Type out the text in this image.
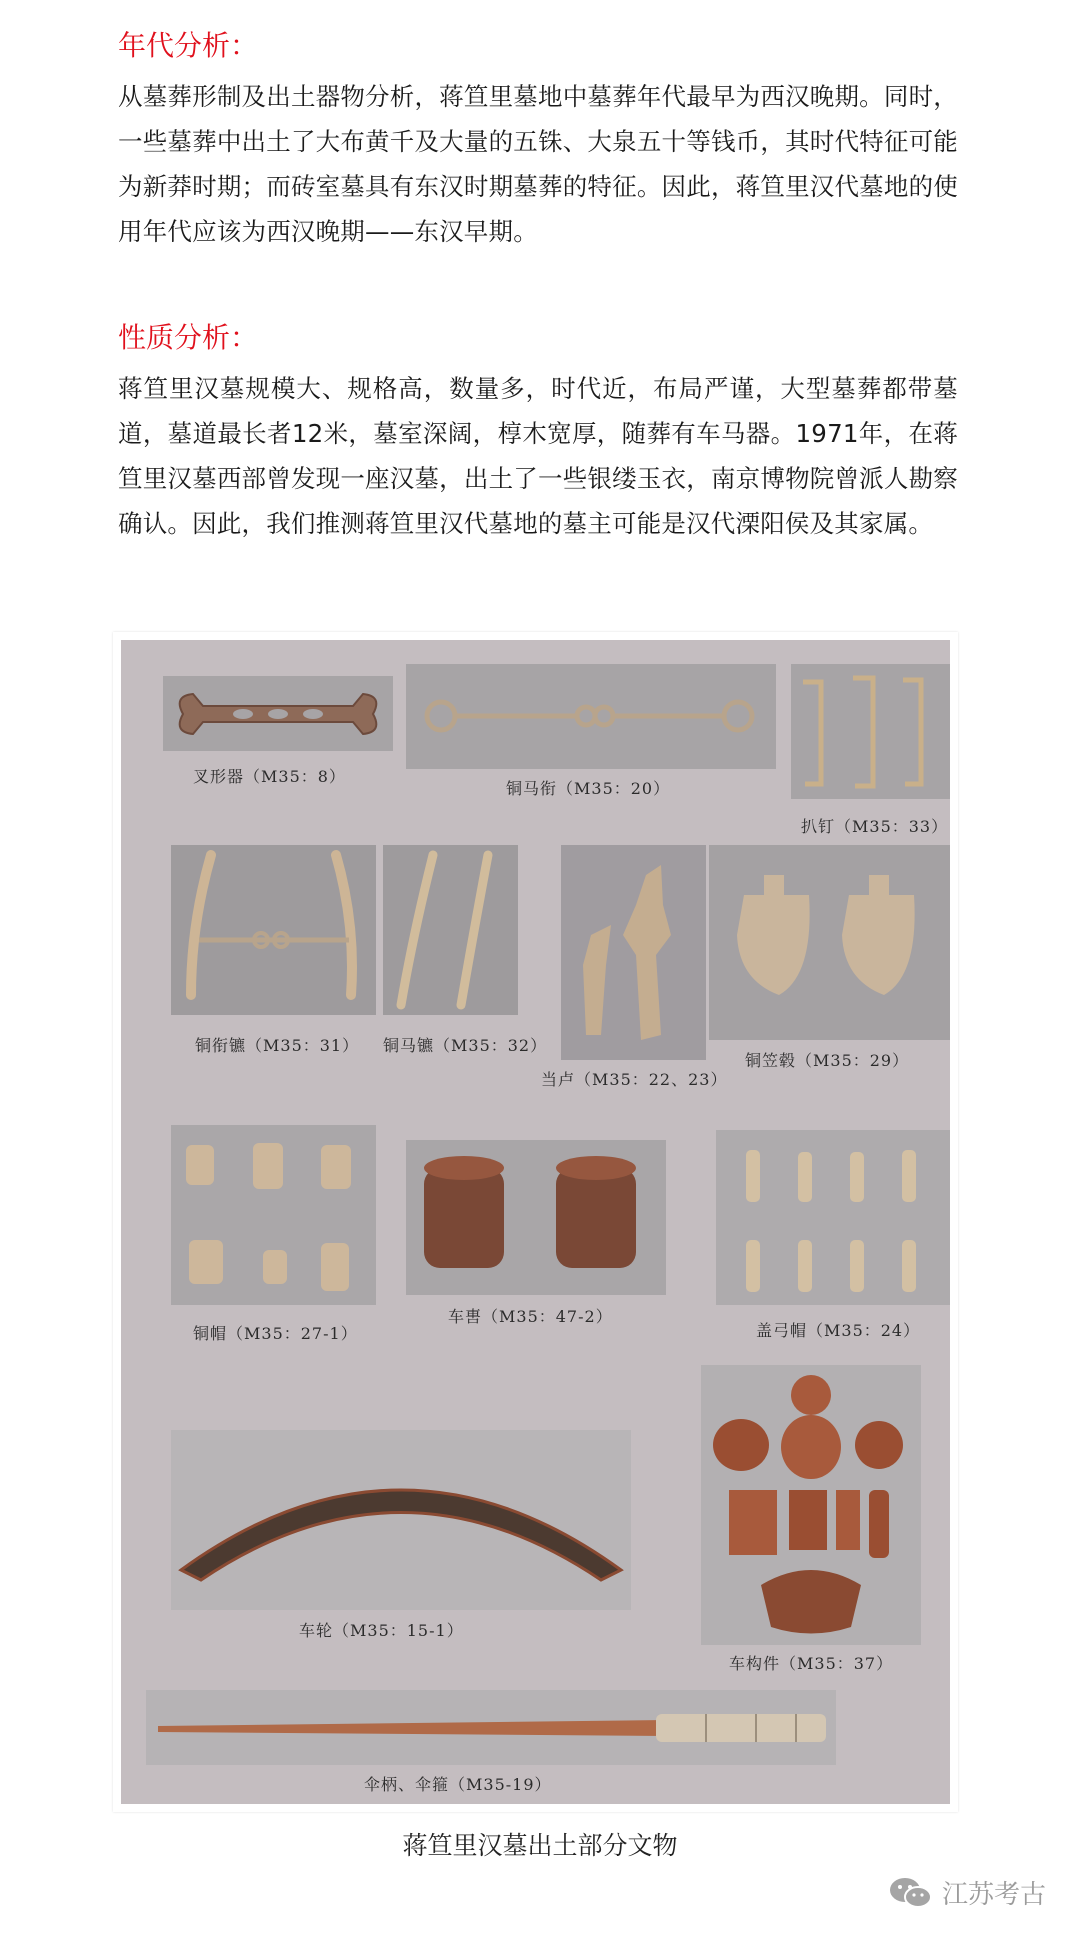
年代分析：

从墓葬形制及出土器物分析，蒋笪里墓地中墓葬年代最早为西汉晚期。同时，一些墓葬中出土了大布黄千及大量的五铢、大泉五十等钱币，其时代特征可能为新莽时期；而砖室墓具有东汉时期墓葬的特征。因此，蒋笪里汉代墓地的使用年代应该为西汉晚期——东汉早期。

性质分析：

蒋笪里汉墓规模大、规格高，数量多，时代近，布局严谨，大型墓葬都带墓道，墓道最长者12米，墓室深阔，椁木宽厚，随葬有车马器。1971年，在蒋笪里汉墓西部曾发现一座汉墓，出土了一些银缕玉衣，南京博物院曾派人勘察确认。因此，我们推测蒋笪里汉代墓地的墓主可能是汉代溧阳侯及其家属。

叉形器（M35：8）
铜马衔（M35：20）
扒钉（M35：33）
铜衔镳（M35：31） 铜马镳（M35：32）
当卢（M35：22、23）
铜笠毂（M35：29）
铜帽（M35：27-1）
车軎（M35：47-2）
盖弓帽（M35：24）
车轮（M35：15-1）
车构件（M35：37）
伞柄、伞箍（M35-19）
蒋笪里汉墓出土部分文物
江苏考古
